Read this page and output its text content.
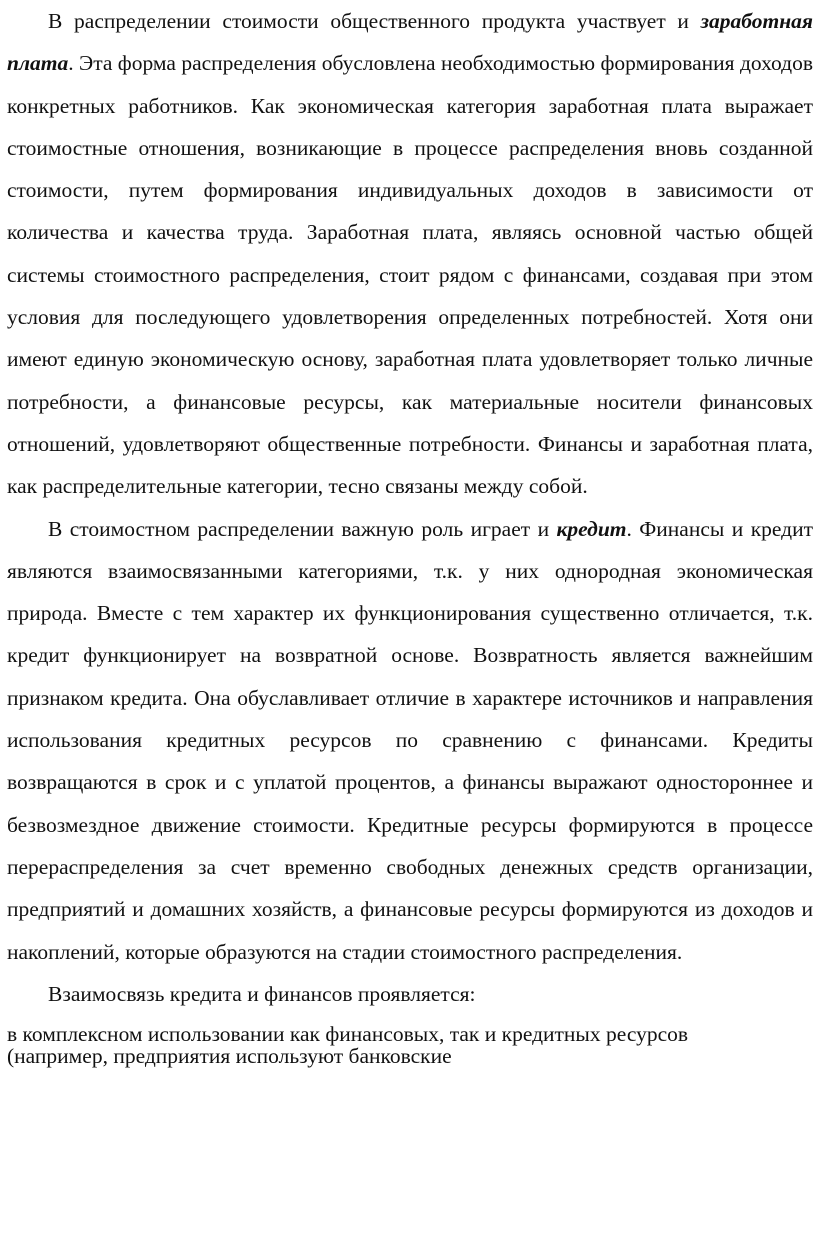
В распределении стоимости общественного продукта участвует и заработная плата. Эта форма распределения обусловлена необходимостью формирования доходов конкретных работников. Как экономическая категория заработная плата выражает стоимостные отношения, возникающие в процессе распределения вновь созданной стоимости, путем формирования индивидуальных доходов в зависимости от количества и качества труда. Заработная плата, являясь основной частью общей системы стоимостного распределения, стоит рядом с финансами, создавая при этом условия для последующего удовлетворения определенных потребностей. Хотя они имеют единую экономическую основу, заработная плата удовлетворяет только личные потребности, а финансовые ресурсы, как материальные носители финансовых отношений, удовлетворяют общественные потребности. Финансы и заработная плата, как распределительные категории, тесно связаны между собой.

В стоимостном распределении важную роль играет и кредит. Финансы и кредит являются взаимосвязанными категориями, т.к. у них однородная экономическая природа. Вместе с тем характер их функционирования существенно отличается, т.к. кредит функционирует на возвратной основе. Возвратность является важнейшим признаком кредита. Она обуславливает отличие в характере источников и направления использования кредитных ресурсов по сравнению с финансами. Кредиты возвращаются в срок и с уплатой процентов, а финансы выражают одностороннее и безвозмездное движение стоимости. Кредитные ресурсы формируются в процессе перераспределения за счет временно свободных денежных средств организации, предприятий и домашних хозяйств, а финансовые ресурсы формируются из доходов и накоплений, которые образуются на стадии стоимостного распределения.

Взаимосвязь кредита и финансов проявляется:

в комплексном использовании как финансовых, так и кредитных ресурсов
(например, предприятия используют банковские
